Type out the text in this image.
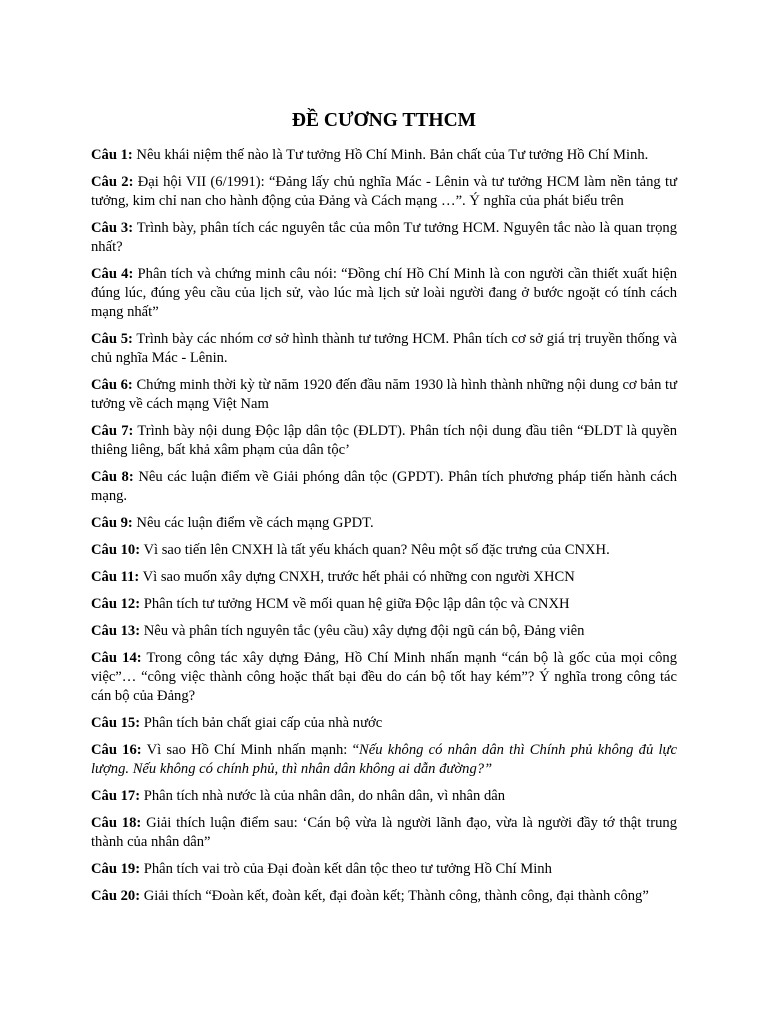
ĐỀ CƯƠNG TTHCM

Câu 1: Nêu khái niệm thế nào là Tư tưởng Hồ Chí Minh. Bản chất của Tư tưởng Hồ Chí Minh.

Câu 2: Đại hội VII (6/1991): “Đảng lấy chủ nghĩa Mác - Lênin và tư tưởng HCM làm nền tảng tư tưởng, kim chỉ nan cho hành động của Đảng và Cách mạng …”. Ý nghĩa của phát biểu trên

Câu 3: Trình bày, phân tích các nguyên tắc của môn Tư tưởng HCM. Nguyên tắc nào là quan trọng nhất?

Câu 4: Phân tích và chứng minh câu nói: “Đồng chí Hồ Chí Minh là con người cần thiết xuất hiện đúng lúc, đúng yêu cầu của lịch sử, vào lúc mà lịch sử loài người đang ở bước ngoặt có tính cách mạng nhất”

Câu 5: Trình bày các nhóm cơ sở hình thành tư tưởng HCM. Phân tích cơ sở giá trị truyền thống và chủ nghĩa Mác - Lênin.

Câu 6: Chứng minh thời kỳ từ năm 1920 đến đầu năm 1930 là hình thành những nội dung cơ bản tư tưởng về cách mạng Việt Nam

Câu 7: Trình bày nội dung Độc lập dân tộc (ĐLDT). Phân tích nội dung đầu tiên “ĐLDT là quyền thiêng liêng, bất khả xâm phạm của dân tộc’

Câu 8: Nêu các luận điểm về Giải phóng dân tộc (GPDT). Phân tích phương pháp tiến hành cách mạng.

Câu 9: Nêu các luận điểm về cách mạng GPDT.

Câu 10: Vì sao tiến lên CNXH là tất yếu khách quan? Nêu một số đặc trưng của CNXH.

Câu 11: Vì sao muốn xây dựng CNXH, trước hết phải có những con người XHCN

Câu 12: Phân tích tư tưởng HCM về mối quan hệ giữa Độc lập dân tộc và CNXH

Câu 13: Nêu và phân tích nguyên tắc (yêu cầu) xây dựng đội ngũ cán bộ, Đảng viên

Câu 14: Trong công tác xây dựng Đảng, Hồ Chí Minh nhấn mạnh “cán bộ là gốc của mọi công việc”… “công việc thành công hoặc thất bại đều do cán bộ tốt hay kém”? Ý nghĩa trong công tác cán bộ của Đảng?

Câu 15: Phân tích bản chất giai cấp của nhà nước

Câu 16: Vì sao Hồ Chí Minh nhấn mạnh: “Nếu không có nhân dân thì Chính phủ không đủ lực lượng. Nếu không có chính phủ, thì nhân dân không ai dẫn đường?”

Câu 17: Phân tích nhà nước là của nhân dân, do nhân dân, vì nhân dân

Câu 18: Giải thích luận điểm sau: ‘Cán bộ vừa là người lãnh đạo, vừa là người đầy tớ thật trung thành của nhân dân”

Câu 19: Phân tích vai trò của Đại đoàn kết dân tộc theo tư tưởng Hồ Chí Minh

Câu 20: Giải thích “Đoàn kết, đoàn kết, đại đoàn kết; Thành công, thành công, đại thành công”
